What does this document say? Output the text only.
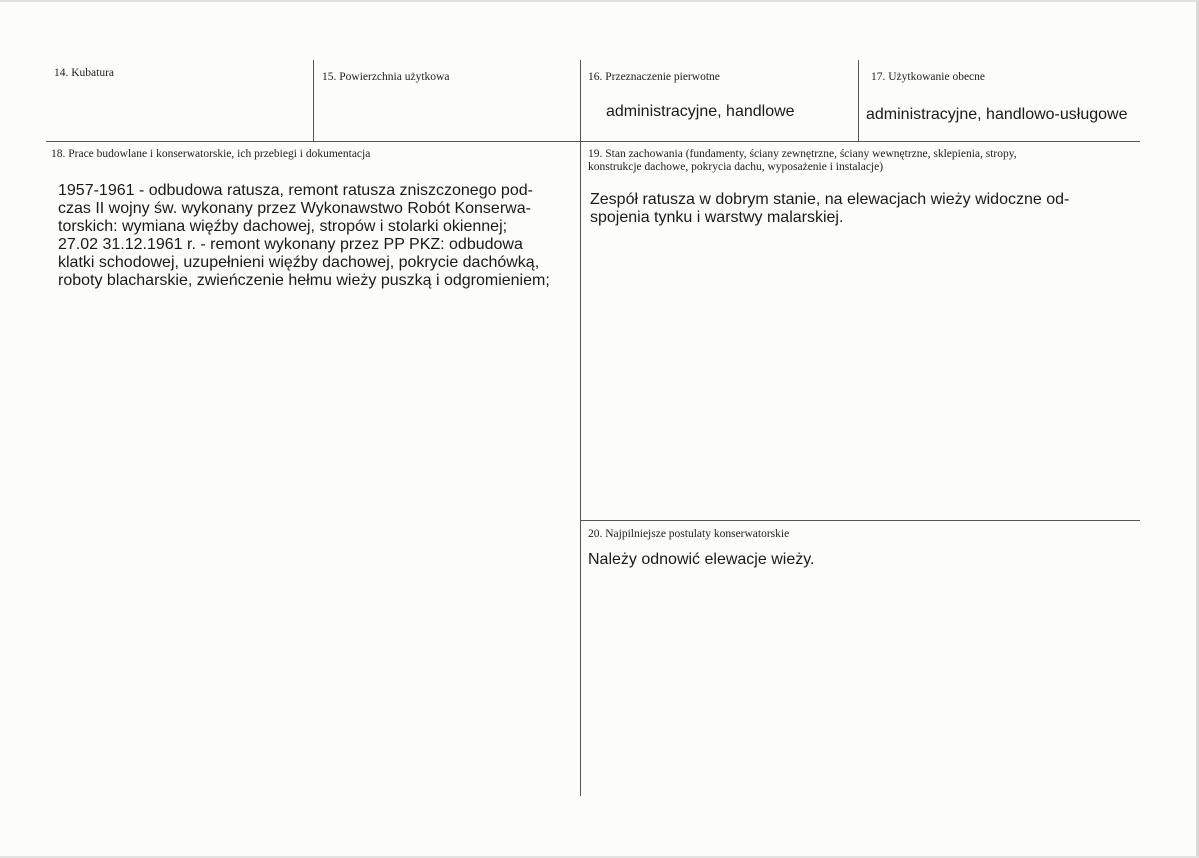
14. Kubatura	15. Powierzchnia użytkowa	16. Przeznaczenie pierwotne
administracyjne, handlowe
17. Użytkowanie obecne
administracyjne, handlowo-usługowe
18. Prace budowlane i konserwatorskie, ich przebiegi i dokumentacja
1957-1961 - odbudowa ratusza, remont ratusza zniszczonego pod-
czas II wojny św. wykonany przez Wykonawstwo Robót Konserwa-
torskich: wymiana więźby dachowej, stropów i stolarki okiennej;
27.02 31.12.1961 r. - remont wykonany przez PP PKZ: odbudowa
klatki schodowej, uzupełnieni więźby dachowej, pokrycie dachówką,
roboty blacharskie, zwieńczenie hełmu wieży puszką i odgromieniem;
19. Stan zachowania (fundamenty, ściany zewnętrzne, ściany wewnętrzne, sklepienia, stropy,
konstrukcje dachowe, pokrycia dachu, wyposażenie i instalacje)
Zespół ratusza w dobrym stanie, na elewacjach wieży widoczne od-
spojenia tynku i warstwy malarskiej.
20. Najpilniejsze postulaty konserwatorskie
Należy odnowić elewacje wieży.
